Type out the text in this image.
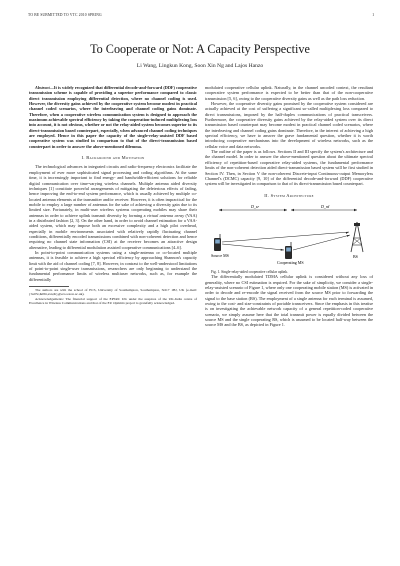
TO BE SUBMITTED TO VTC 2010 SPRING	1
To Cooperate or Not: A Capacity Perspective
Li Wang, Lingkun Kong, Soon Xin Ng and Lajos Hanzo

Abstract—It is widely recognized that differential decode-and-forward (DDF) cooperative transmission scheme is capable of providing a superior performance compared to classic direct transmission employing differential detection, where no channel coding is used. However, the diversity gains achieved by the cooperative system become modest in practical channel coded scenarios, where the interleaving and channel coding gains dominate. Therefore, when a cooperative wireless communication system is designed to approach the maximum achievable spectral efficiency by taking the cooperation-induced multiplexing loss into account, it is not obvious, whether or not the relay-aided system becomes superior to its direct-transmission based counterpart, especially, when advanced channel coding techniques are employed. Hence in this paper the capacity of the single-relay-assisted DDF based cooperative system was studied in comparison to that of the direct-transmission based counterpart in order to answer the above-mentioned dilemma.

I. Background and Motivation

The technological advances in integrated circuits and radio-frequency electronics facilitate the employment of ever more sophisticated signal processing and coding algorithms. At the same time, it is increasingly important to find energy- and bandwidth-efficient solutions for reliable digital communication over time-varying wireless channels. Multiple antenna aided diversity techniques [1] constitute powerful arrangements of mitigating the deleterious effects of fading, hence improving the end-to-end system performance, which is usually achieved by multiple co-located antenna elements at the transmitter and/or receiver. However, it is often impractical for the mobile to employ a large number of antennas for the sake of achieving a diversity gain due to its limited size. Fortunately, in multi-user wireless systems cooperating mobiles may share their antennas in order to achieve uplink transmit diversity by forming a virtual antenna array (VAA) in a distributed fashion [2, 3]. On the other hand, in order to avoid channel estimation for a VAA-aided system, which may impose both an excessive complexity and a high pilot overhead, especially in mobile environments associated with relatively rapidly fluctuating channel conditions, differentially encoded transmissions combined with non-coherent detection and hence requiring no channel state information (CSI) at the receiver becomes an attractive design alternative, leading to differential modulation assisted cooperative communications [4–6].

In point-to-point communication systems using a single-antenna or co-located multiple antennas, it is feasible to achieve a high spectral efficiency by approaching Shannon's capacity limit with the aid of channel coding [7, 8]. However, in contrast to the well-understood limitations of point-to-point single-user transmissions, researchers are only beginning to understand the fundamental performance limits of wireless multiuser networks, such as, for example the differentially

The authors are with the school of ECS, University of Southampton, Southampton, SO17 1BJ, UK (e-mail: {lw05r,lk06r,sxn,lh}@ecs.soton.ac.uk).

Acknowledgements: The financial support of the EPSRC UK under the auspices of the UK-India centre of Excellence in Wireless Communications and that of the EU Optimix project is gratefully acknowledged.

modulated cooperative cellular uplink. Naturally, in the channel uncoded context, the resultant cooperative system performance is expected to be better than that of the non-cooperative transmission [5, 6], owing to the cooperative diversity gains as well as the path loss reduction.

However, the cooperative diversity gains promised by the cooperative system considered are actually achieved at the cost of suffering a significant so-called multiplexing loss compared to direct transmissions, imposed by the half-duplex communications of practical transceivers. Furthermore, the cooperative diversity gains achieved by the relay-aided system over its direct transmission based counterpart may become modest in practical channel coded scenarios, where the interleaving and channel coding gains dominate. Therefore, in the interest of achieving a high spectral efficiency, we have to answer the grave fundamental question, whether it is worth introducing cooperative mechanisms into the development of wireless networks, such as the cellular voice and data networks.

The outline of the paper is as follows. Sections II and III specify the system's architecture and the channel model. In order to answer the above-mentioned question about the ultimate spectral efficiency of repetition-based cooperative relay-aided systems, the fundamental performance limits of the non-coherent detection aided direct-transmission based system will be first studied in Section IV. Then, in Section V the non-coherent Discrete-input Continuous-output Memoryless Channel's (DCMC) capacity [9, 10] of the differential decode-and-forward (DDF) cooperative system will be investigated in comparison to that of its direct-transmission based counterpart.

II. System Architecture
D_sr	D_rd
Source MS
Cooperating MS
BS

Fig. 1. Single-relay-aided cooperative cellular uplink.

The differentially modulated TDMA cellular uplink is considered without any loss of generality, where no CSI estimation is required. For the sake of simplicity, we consider a single-relay-assisted scenario of Figure 1, where only one cooperating mobile station (MS) is activated in order to decode and re-encode the signal received from the source MS prior to forwarding the signal to the base station (BS). The employment of a single antenna for each terminal is assumed, owing to the cost- and size-constraints of portable transceivers. Since the emphasis in this treatise is on investigating the achievable network capacity of a general repetition-coded cooperative scenario, we simply assume here that the total transmit power is equally divided between the source MS and the single cooperating RS, which is assumed to be located half-way between the source MS and the BS, as depicted in Figure 1.
